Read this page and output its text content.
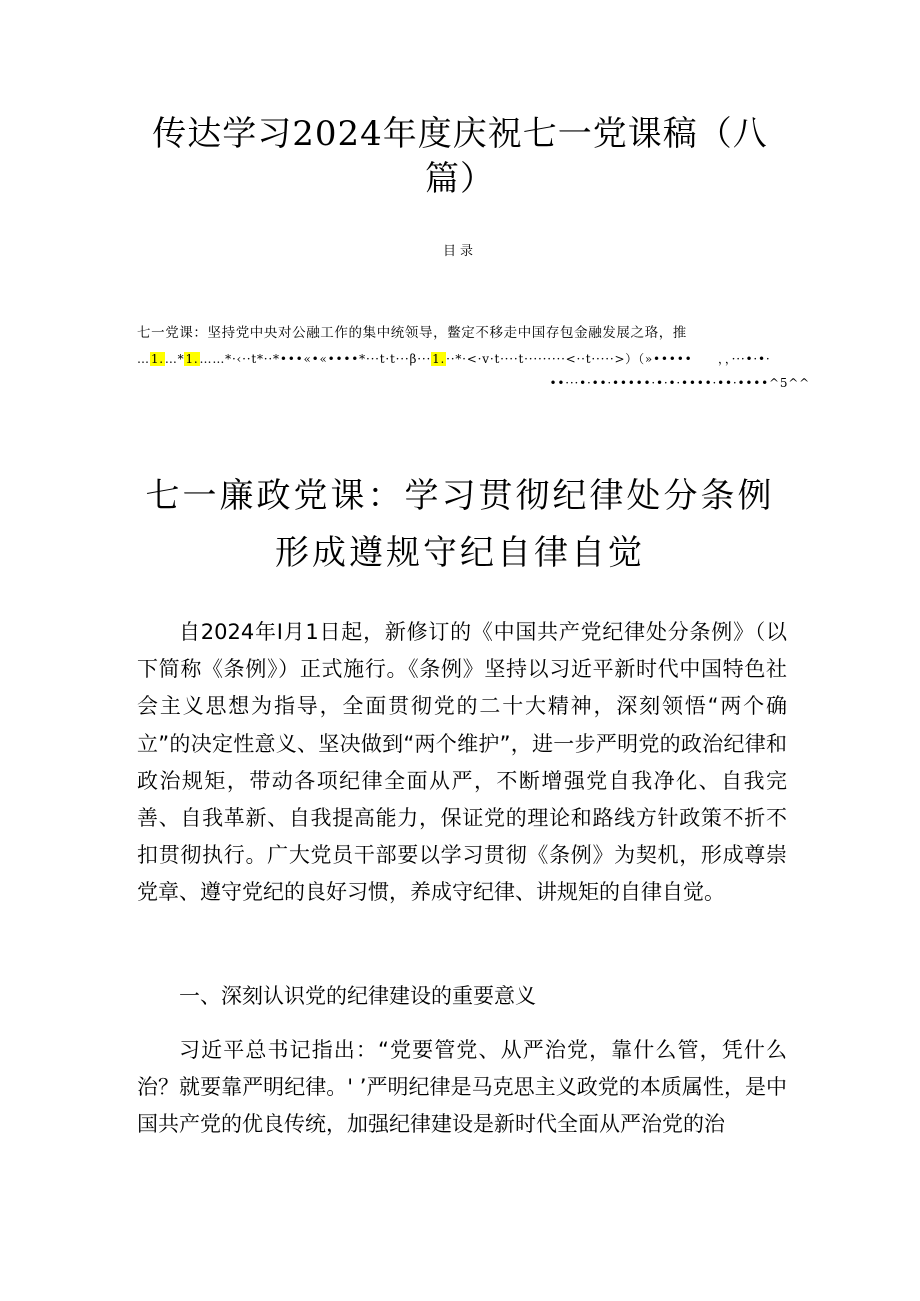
传达学习2024年度庆祝七一党课稿（八篇）
目录
七一党课：坚持党中央对公融工作的集中统领导，鳖定不移走中国存包金融发展之珞，推
…1.…*1.……*·‹··t*··*•••«•«••••*···t·t···β···1.··*·<·v·t····t·········<··t·····>）（»•••••　　，，···•·•·
••···•·••·•••••·•·•·••••·••·••••^5^^
七一廉政党课：学习贯彻纪律处分条例形成遵规守纪自律自觉
自2024年I月1日起，新修订的《中国共产党纪律处分条例》（以下简称《条例》）正式施行。《条例》坚持以习近平新时代中国特色社会主义思想为指导，全面贯彻党的二十大精神，深刻领悟“两个确立”的决定性意义、坚决做到“两个维护”，进一步严明党的政治纪律和政治规矩，带动各项纪律全面从严，不断增强党自我净化、自我完善、自我革新、自我提高能力，保证党的理论和路线方针政策不折不扣贯彻执行。广大党员干部要以学习贯彻《条例》为契机，形成尊崇党章、遵守党纪的良好习惯，养成守纪律、讲规矩的自律自觉。
一、深刻认识党的纪律建设的重要意义
习近平总书记指出：“党要管党、从严治党，靠什么管，凭什么治？就要靠严明纪律。' ’严明纪律是马克思主义政党的本质属性，是中国共产党的优良传统，加强纪律建设是新时代全面从严治党的治
